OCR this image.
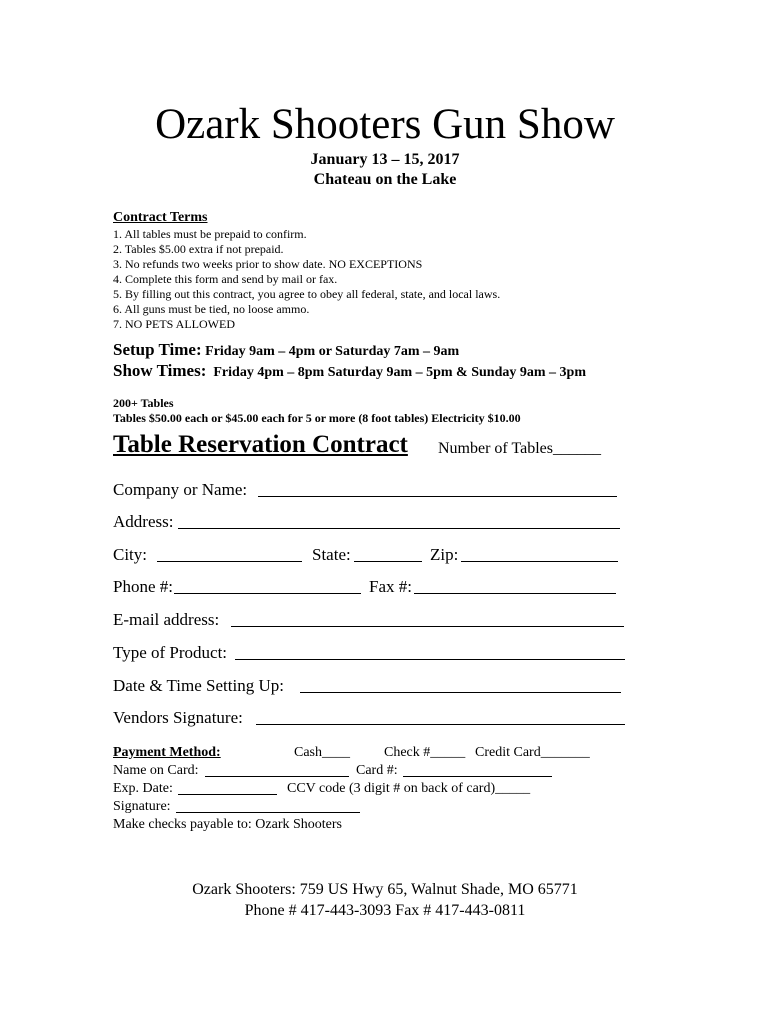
Ozark Shooters Gun Show
January 13 – 15, 2017
Chateau on the Lake
Contract Terms
1. All tables must be prepaid to confirm.
2. Tables $5.00 extra if not prepaid.
3. No refunds two weeks prior to show date. NO EXCEPTIONS
4. Complete this form and send by mail or fax.
5. By filling out this contract, you agree to obey all federal, state, and local laws.
6. All guns must be tied, no loose ammo.
7. NO PETS ALLOWED
Setup Time: Friday 9am – 4pm or Saturday 7am – 9am
Show Times: Friday 4pm – 8pm Saturday 9am – 5pm & Sunday 9am – 3pm
200+ Tables
Tables $50.00 each or $45.00 each for 5 or more (8 foot tables) Electricity $10.00
Table Reservation Contract Number of Tables______
Company or Name:
Address:
City:	State:	Zip:
Phone #:	Fax #:
E-mail address:
Type of Product:
Date & Time Setting Up:
Vendors Signature:
Payment Method:	Cash____ Check #_____ Credit Card_______
Name on Card:	Card #:
Exp. Date:	CCV code (3 digit # on back of card)_____
Signature:
Make checks payable to: Ozark Shooters
Ozark Shooters: 759 US Hwy 65, Walnut Shade, MO 65771
Phone # 417-443-3093 Fax # 417-443-0811
